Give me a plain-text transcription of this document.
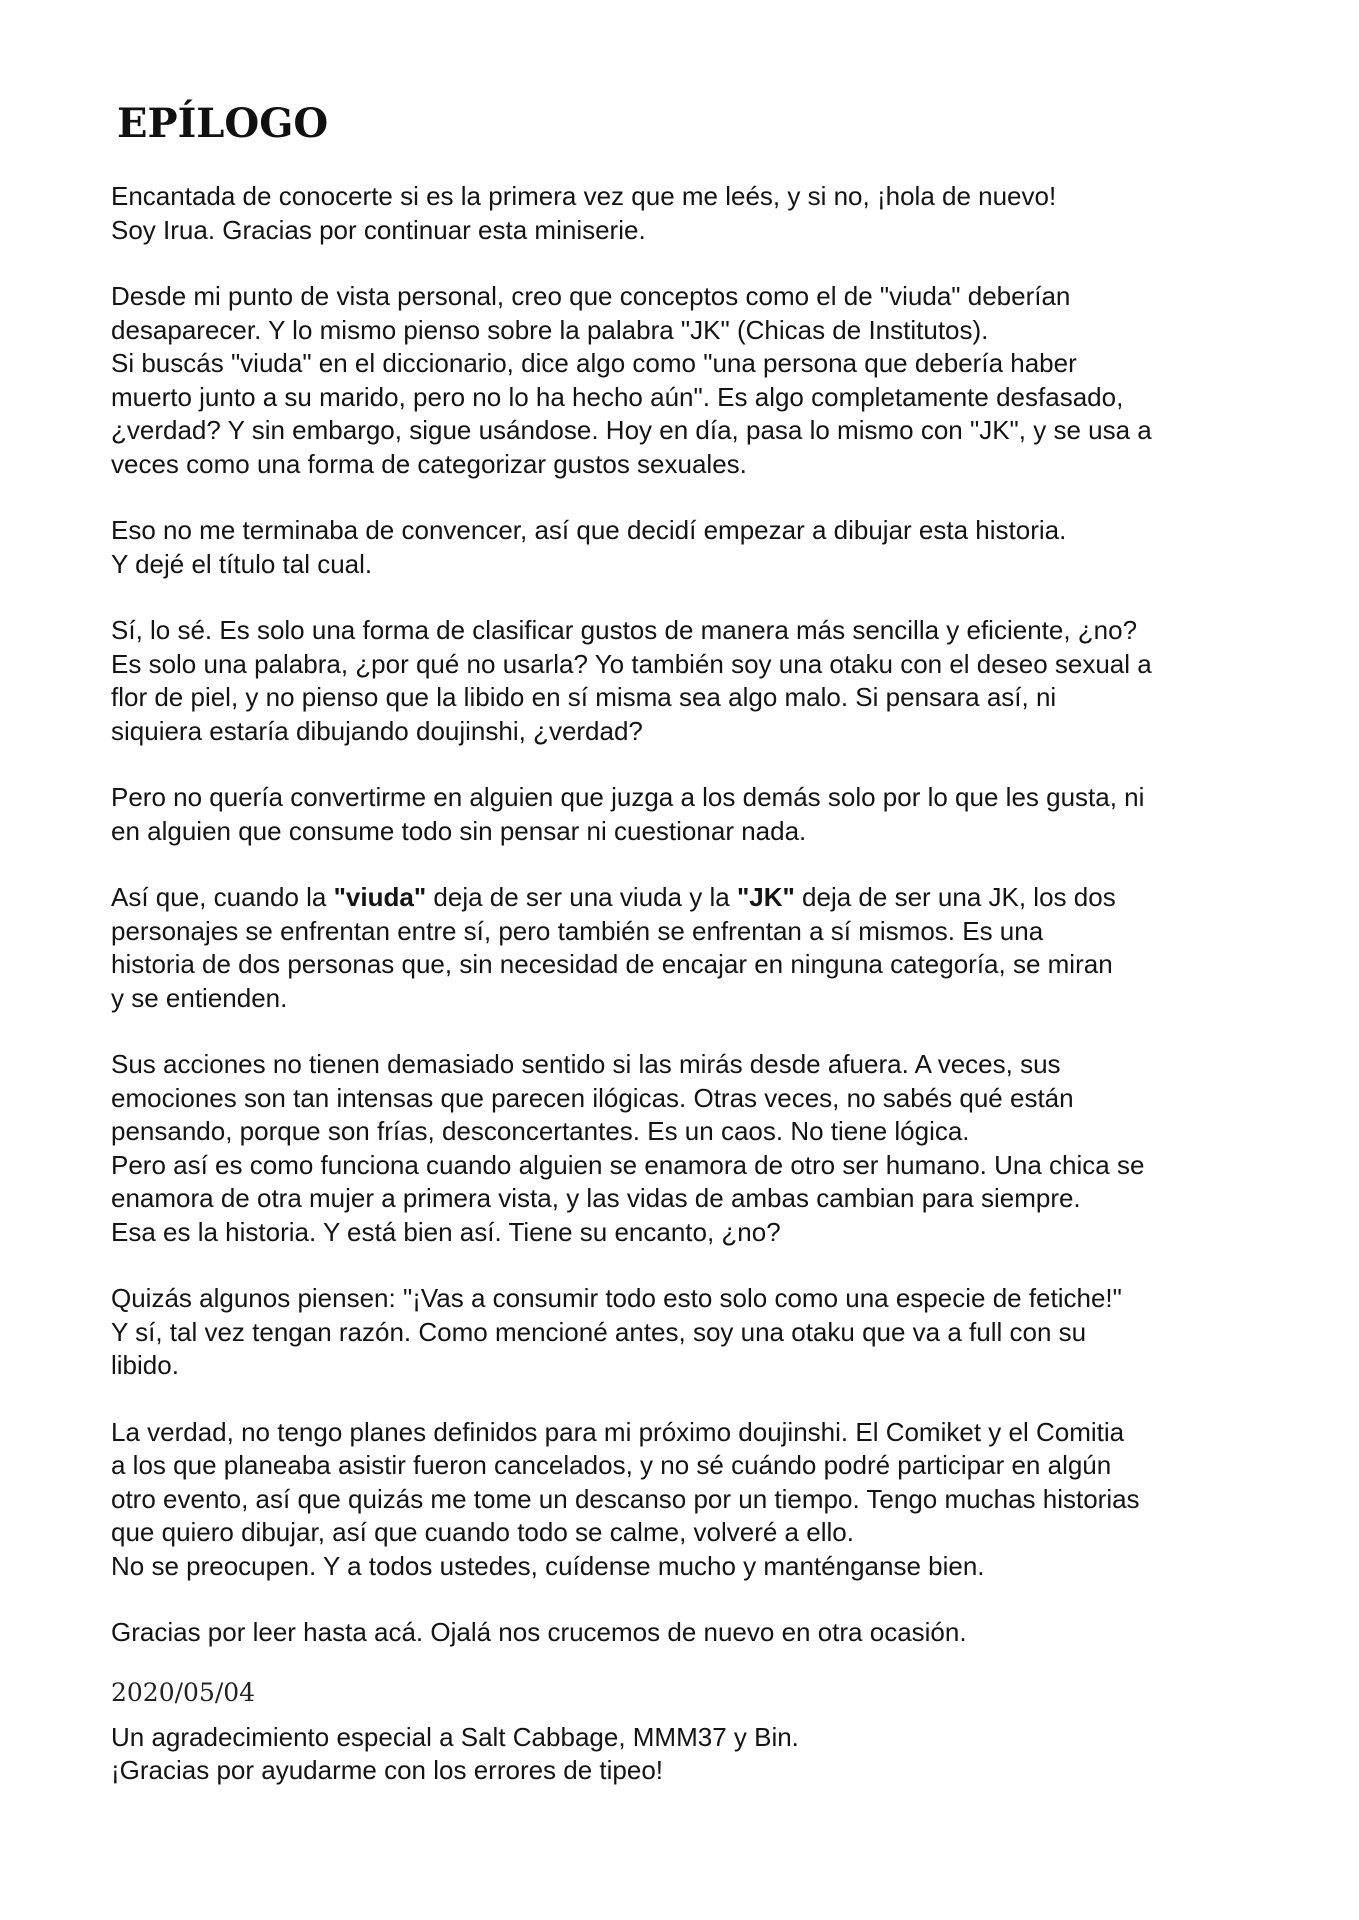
EPÍLOGO

Encantada de conocerte si es la primera vez que me leés, y si no, ¡hola de nuevo!
Soy Irua. Gracias por continuar esta miniserie.

Desde mi punto de vista personal, creo que conceptos como el de "viuda" deberían
desaparecer. Y lo mismo pienso sobre la palabra "JK" (Chicas de Institutos).
Si buscás "viuda" en el diccionario, dice algo como "una persona que debería haber
muerto junto a su marido, pero no lo ha hecho aún". Es algo completamente desfasado,
¿verdad? Y sin embargo, sigue usándose. Hoy en día, pasa lo mismo con "JK", y se usa a
veces como una forma de categorizar gustos sexuales.

Eso no me terminaba de convencer, así que decidí empezar a dibujar esta historia.
Y dejé el título tal cual.

Sí, lo sé. Es solo una forma de clasificar gustos de manera más sencilla y eficiente, ¿no?
Es solo una palabra, ¿por qué no usarla? Yo también soy una otaku con el deseo sexual a
flor de piel, y no pienso que la libido en sí misma sea algo malo. Si pensara así, ni
siquiera estaría dibujando doujinshi, ¿verdad?

Pero no quería convertirme en alguien que juzga a los demás solo por lo que les gusta, ni
en alguien que consume todo sin pensar ni cuestionar nada.

Así que, cuando la "viuda" deja de ser una viuda y la "JK" deja de ser una JK, los dos
personajes se enfrentan entre sí, pero también se enfrentan a sí mismos. Es una
historia de dos personas que, sin necesidad de encajar en ninguna categoría, se miran
y se entienden.

Sus acciones no tienen demasiado sentido si las mirás desde afuera. A veces, sus
emociones son tan intensas que parecen ilógicas. Otras veces, no sabés qué están
pensando, porque son frías, desconcertantes. Es un caos. No tiene lógica.
Pero así es como funciona cuando alguien se enamora de otro ser humano. Una chica se
enamora de otra mujer a primera vista, y las vidas de ambas cambian para siempre.
Esa es la historia. Y está bien así. Tiene su encanto, ¿no?

Quizás algunos piensen: "¡Vas a consumir todo esto solo como una especie de fetiche!"
Y sí, tal vez tengan razón. Como mencioné antes, soy una otaku que va a full con su
libido.

La verdad, no tengo planes definidos para mi próximo doujinshi. El Comiket y el Comitia
a los que planeaba asistir fueron cancelados, y no sé cuándo podré participar en algún
otro evento, así que quizás me tome un descanso por un tiempo. Tengo muchas historias
que quiero dibujar, así que cuando todo se calme, volveré a ello.
No se preocupen. Y a todos ustedes, cuídense mucho y manténganse bien.

Gracias por leer hasta acá. Ojalá nos crucemos de nuevo en otra ocasión.

2020/05/04

Un agradecimiento especial a Salt Cabbage, MMM37 y Bin.
¡Gracias por ayudarme con los errores de tipeo!
